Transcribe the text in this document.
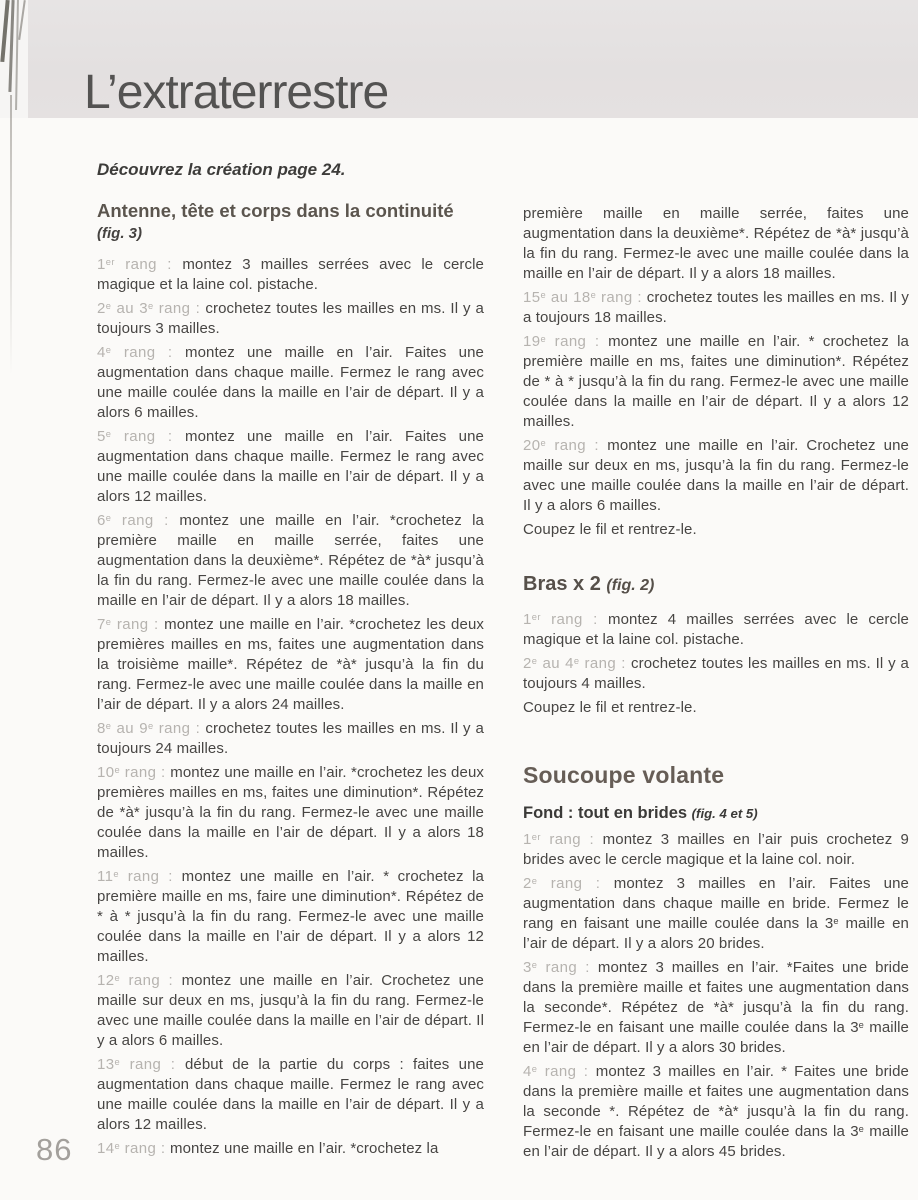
L’extraterrestre
Découvrez la création page 24.
Antenne, tête et corps dans la continuité

(fig. 3)

1er rang : montez 3 mailles serrées avec le cercle magique et la laine col. pistache.

2e au 3e rang : crochetez toutes les mailles en ms. Il y a toujours 3 mailles.

4e rang : montez une maille en l’air. Faites une augmentation dans chaque maille. Fermez le rang avec une maille coulée dans la maille en l’air de départ. Il y a alors 6 mailles.

5e rang : montez une maille en l’air. Faites une augmentation dans chaque maille. Fermez le rang avec une maille coulée dans la maille en l’air de départ. Il y a alors 12 mailles.

6e rang : montez une maille en l’air. *crochetez la première maille en maille serrée, faites une augmentation dans la deuxième*. Répétez de *à* jusqu’à la fin du rang. Fermez-le avec une maille coulée dans la maille en l’air de départ. Il y a alors 18 mailles.

7e rang : montez une maille en l’air. *crochetez les deux premières mailles en ms, faites une augmentation dans la troisième maille*. Répétez de *à* jusqu’à la fin du rang. Fermez-le avec une maille coulée dans la maille en l’air de départ. Il y a alors 24 mailles.

8e au 9e rang : crochetez toutes les mailles en ms. Il y a toujours 24 mailles.

10e rang : montez une maille en l’air. *crochetez les deux premières mailles en ms, faites une diminution*. Répétez de *à* jusqu’à la fin du rang. Fermez-le avec une maille coulée dans la maille en l’air de départ. Il y a alors 18 mailles.

11e rang : montez une maille en l’air. * crochetez la première maille en ms, faire une diminution*. Répétez de * à * jusqu’à la fin du rang. Fermez-le avec une maille coulée dans la maille en l’air de départ. Il y a alors 12 mailles.

12e rang : montez une maille en l’air. Crochetez une maille sur deux en ms, jusqu’à la fin du rang. Fermez-le avec une maille coulée dans la maille en l’air de départ. Il y a alors 6 mailles.

13e rang : début de la partie du corps : faites une augmentation dans chaque maille. Fermez le rang avec une maille coulée dans la maille en l’air de départ. Il y a alors 12 mailles.

14e rang : montez une maille en l’air. *crochetez la

première maille en maille serrée, faites une augmentation dans la deuxième*. Répétez de *à* jusqu’à la fin du rang. Fermez-le avec une maille coulée dans la maille en l’air de départ. Il y a alors 18 mailles.

15e au 18e rang : crochetez toutes les mailles en ms. Il y a toujours 18 mailles.

19e rang : montez une maille en l’air. * crochetez la première maille en ms, faites une diminution*. Répétez de * à * jusqu’à la fin du rang. Fermez-le avec une maille coulée dans la maille en l’air de départ. Il y a alors 12 mailles.

20e rang : montez une maille en l’air. Crochetez une maille sur deux en ms, jusqu’à la fin du rang. Fermez-le avec une maille coulée dans la maille en l’air de départ. Il y a alors 6 mailles.

Coupez le fil et rentrez-le.

Bras x 2 (fig. 2)

1er rang : montez 4 mailles serrées avec le cercle magique et la laine col. pistache.

2e au 4e rang : crochetez toutes les mailles en ms. Il y a toujours 4 mailles.

Coupez le fil et rentrez-le.

Soucoupe volante
Fond : tout en brides (fig. 4 et 5)

1er rang : montez 3 mailles en l’air puis crochetez 9 brides avec le cercle magique et la laine col. noir.

2e rang : montez 3 mailles en l’air. Faites une augmentation dans chaque maille en bride. Fermez le rang en faisant une maille coulée dans la 3e maille en l’air de départ. Il y a alors 20 brides.

3e rang : montez 3 mailles en l’air. *Faites une bride dans la première maille et faites une augmentation dans la seconde*. Répétez de *à* jusqu’à la fin du rang. Fermez-le en faisant une maille coulée dans la 3e maille en l’air de départ. Il y a alors 30 brides.

4e rang : montez 3 mailles en l’air. * Faites une bride dans la première maille et faites une augmentation dans la seconde *. Répétez de *à* jusqu’à la fin du rang. Fermez-le en faisant une maille coulée dans la 3e maille en l’air de départ. Il y a alors 45 brides.

86
